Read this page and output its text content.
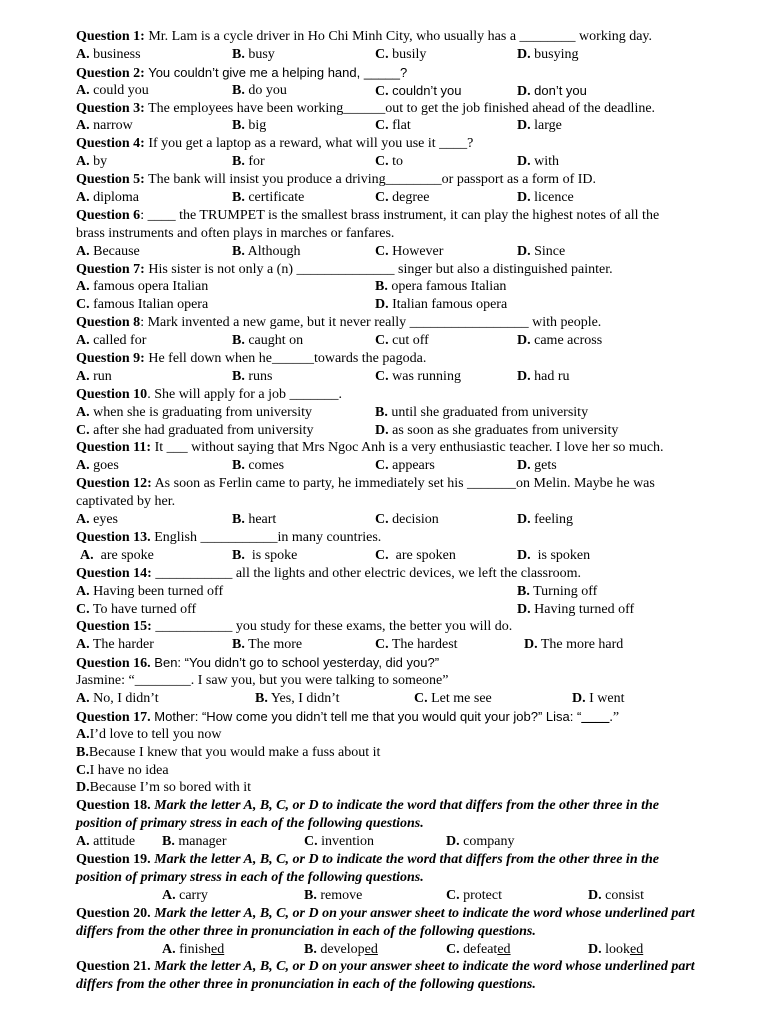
Question 1: Mr. Lam is a cycle driver in Ho Chi Minh City, who usually has a ________ working day.
A. business	B. busy	C. busily	D. busying
Question 2: You couldn’t give me a helping hand, _____?
A. could you	B. do you	C. couldn’t you	D. don’t you
Question 3: The employees have been working______out to get the job finished ahead of the deadline.
A. narrow	B. big	C. flat	D. large
Question 4: If you get a laptop as a reward, what will you use it ____?
A. by	B. for	C. to	D. with
Question 5: The bank will insist you produce a driving________or passport as a form of ID.
A. diploma	B. certificate	C. degree	D. licence
Question 6: ____ the TRUMPET is the smallest brass instrument, it can play the highest notes of all the
brass instruments and often plays in marches or fanfares.
A. Because	B. Although	C. However	D. Since
Question 7: His sister is not only a (n) ______________ singer but also a distinguished painter.
A. famous opera Italian	B. opera famous Italian
C. famous Italian opera	D. Italian famous opera
Question 8: Mark invented a new game, but it never really _________________ with people.
A. called for	B. caught on	C. cut off	D. came across
Question 9: He fell down when he______towards the pagoda.
A. run	B. runs	C. was running	D. had ru
Question 10. She will apply for a job _______.
A. when she is graduating from university	B. until she graduated from university
C. after she had graduated from university	D. as soon as she graduates from university
Question 11: It ___ without saying that Mrs Ngoc Anh is a very enthusiastic teacher. I love her so much.
A. goes	B. comes	C. appears	D. gets
Question 12: As soon as Ferlin came to party, he immediately set his _______on Melin. Maybe he was
captivated by her.
A. eyes	B. heart	C. decision	D. feeling
Question 13. English ___________in many countries.
A. are spoke	B. is spoke	C. are spoken	D. is spoken
Question 14: ___________ all the lights and other electric devices, we left the classroom.
A. Having been turned off	B. Turning off
C. To have turned off	D. Having turned off
Question 15: ___________ you study for these exams, the better you will do.
A. The harder	B. The more	C. The hardest	D. The more hard
Question 16. Ben: “You didn’t go to school yesterday, did you?”
Jasmine: “________. I saw you, but you were talking to someone”
A. No, I didn’t	B. Yes, I didn’t	C. Let me see	D. I went
Question 17. Mother: “How come you didn’t tell me that you would quit your job?” Lisa: “____.”
A.I’d love to tell you now
B.Because I knew that you would make a fuss about it
C.I have no idea
D.Because I’m so bored with it
Question 18. Mark the letter A, B, C, or D to indicate the word that differs from the other three in the position of primary stress in each of the following questions.
A. attitude B. manager	C. invention	D. company
Question 19. Mark the letter A, B, C, or D to indicate the word that differs from the other three in the position of primary stress in each of the following questions.
A. carry	B. remove	C. protect	D. consist
Question 20. Mark the letter A, B, C, or D on your answer sheet to indicate the word whose underlined part differs from the other three in pronunciation in each of the following questions.
A. finished	B. developed	C. defeated	D. looked
Question 21. Mark the letter A, B, C, or D on your answer sheet to indicate the word whose underlined part differs from the other three in pronunciation in each of the following questions.
